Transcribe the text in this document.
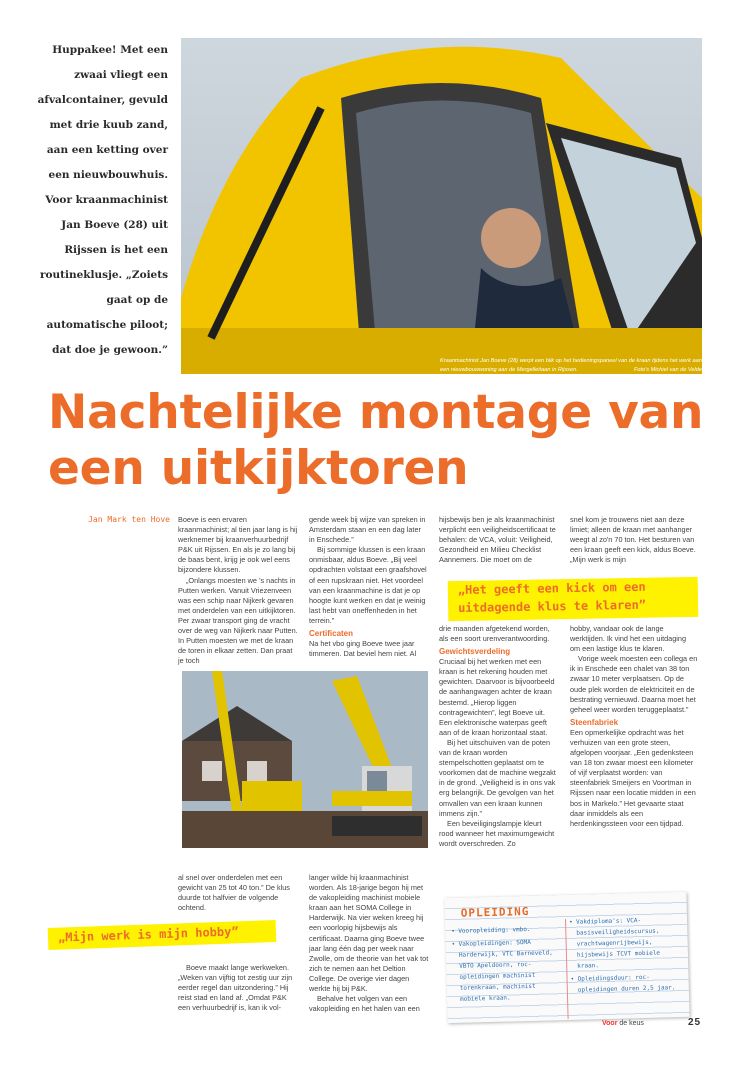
Huppakee! Met een zwaai vliegt een afvalcontainer, gevuld met drie kuub zand, aan een ketting over een nieuwbouwhuis. Voor kraanmachinist Jan Boeve (28) uit Rijssen is het een routineklusje. „Zoiets gaat op de automatische piloot; dat doe je gewoon.”
Kraanmachinist Jan Boeve (28) werpt een blik op het bedieningspaneel van de kraan tijdens het werk aan een nieuwbouwwoning aan de Mergelleitaan in Rijssen.	Foto's Michiel van de Velde
Nachtelijke montage van een uitkijktoren
Jan Mark ten Hove Boeve is een ervaren kraanmachinist; al tien jaar lang is hij werknemer bij kraanverhuurbedrijf P&K uit Rijssen. En als je zo lang bij de baas bent, krijg je ook wel eens bijzondere klussen.

„Onlangs moesten we ’s nachts in Putten werken. Vanuit Vriezenveen was een schip naar Nijkerk gevaren met onderdelen van een uitkijktoren. Per zwaar transport ging de vracht over de weg van Nijkerk naar Putten. In Putten moesten we met de kraan de toren in elkaar zetten. Dan praat je toch

gende week bij wijze van spreken in Amsterdam staan en een dag later in Enschede.”

Bij sommige klussen is een kraan onmisbaar, aldus Boeve. „Bij veel opdrachten volstaat een graafshovel of een rupskraan niet. Het voordeel van een kraanmachine is dat je op hoogte kunt werken en dat je weinig last hebt van oneffenheden in het terrein.”

Certificaten

Na het vbo ging Boeve twee jaar timmeren. Dat beviel hem niet. Al

hijsbewijs ben je als kraanmachinist verplicht een veiligheidscertificaat te behalen: de VCA, voluit: Veiligheid, Gezondheid en Milieu Checklist Aannemers. Die moet om de

snel kom je trouwens niet aan deze limiet; alleen de kraan met aanhanger weegt al zo'n 70 ton. Het besturen van een kraan geeft een kick, aldus Boeve. „Mijn werk is mijn

„Het geeft een kick om een uitdagende klus te klaren”

drie maanden afgetekend worden, als een soort urenverantwoording.

Gewichtsverdeling

Cruciaal bij het werken met een kraan is het rekening houden met gewichten. Daarvoor is bijvoorbeeld de aanhangwagen achter de kraan bestemd. „Hierop liggen contragewichten”, legt Boeve uit. Een elektronische waterpas geeft aan of de kraan horizontaal staat.

Bij het uitschuiven van de poten van de kraan worden stempelschotten geplaatst om te voorkomen dat de machine wegzakt in de grond. „Veiligheid is in ons vak erg belangrijk. De gevolgen van het omvallen van een kraan kunnen immens zijn.”

Een beveiligingslampje kleurt rood wanneer het maximumgewicht wordt overschreden. Zo

hobby, vandaar ook de lange werktijden. Ik vind het een uitdaging om een lastige klus te klaren.

Vorige week moesten een collega en ik in Enschede een chalet van 38 ton zwaar 10 meter verplaatsen. Op de oude plek worden de elektriciteit en de bestrating vernieuwd. Daarna moet het geheel weer worden teruggeplaatst.”

Steenfabriek

Een opmerkelijke opdracht was het verhuizen van een grote steen, afgelopen voorjaar. „Een gedenksteen van 18 ton zwaar moest een kilometer of vijf verplaatst worden: van steenfabriek Smeijers en Voortman in Rijssen naar een locatie midden in een bos in Markelo.” Het gevaarte staat daar inmiddels als een herdenkingssteen voor een tijdpad.

al snel over onderdelen met een gewicht van 25 tot 40 ton.” De klus duurde tot halfvier de volgende ochtend.

„Mijn werk is mijn hobby”

Boeve maakt lange werkweken. „Weken van vijftig tot zestig uur zijn eerder regel dan uitzondering.” Hij reist stad en land af. „Omdat P&K een verhuurbedrijf is, kan ik vol-

langer wilde hij kraanmachinist worden. Als 18-jarige begon hij met de vakopleiding machinist mobiele kraan aan het SOMA College in Harderwijk. Na vier weken kreeg hij een voorlopig hijsbewijs als certificaat. Daarna ging Boeve twee jaar lang één dag per week naar Zwolle, om de theorie van het vak tot zich te nemen aan het Deltion College. De overige vier dagen werkte hij bij P&K.

Behalve het volgen van een vakopleiding en het halen van een

OPLEIDING
• Vooropleiding: vmbo.
• Vakopleidingen: SOMA Harderwijk, VTC Barneveld, VBTO Apeldoorn, roc-opleidingen machinist torenkraan, machinist mobiele kraan.
• Vakdiploma's: VCA-basisveiligheidscursus, vrachtwagenrijbewijs, hijsbewijs TCVT mobiele kraan.
• Opleidingsduur: roc-opleidingen duren 2,5 jaar.
Voor de keus	25
